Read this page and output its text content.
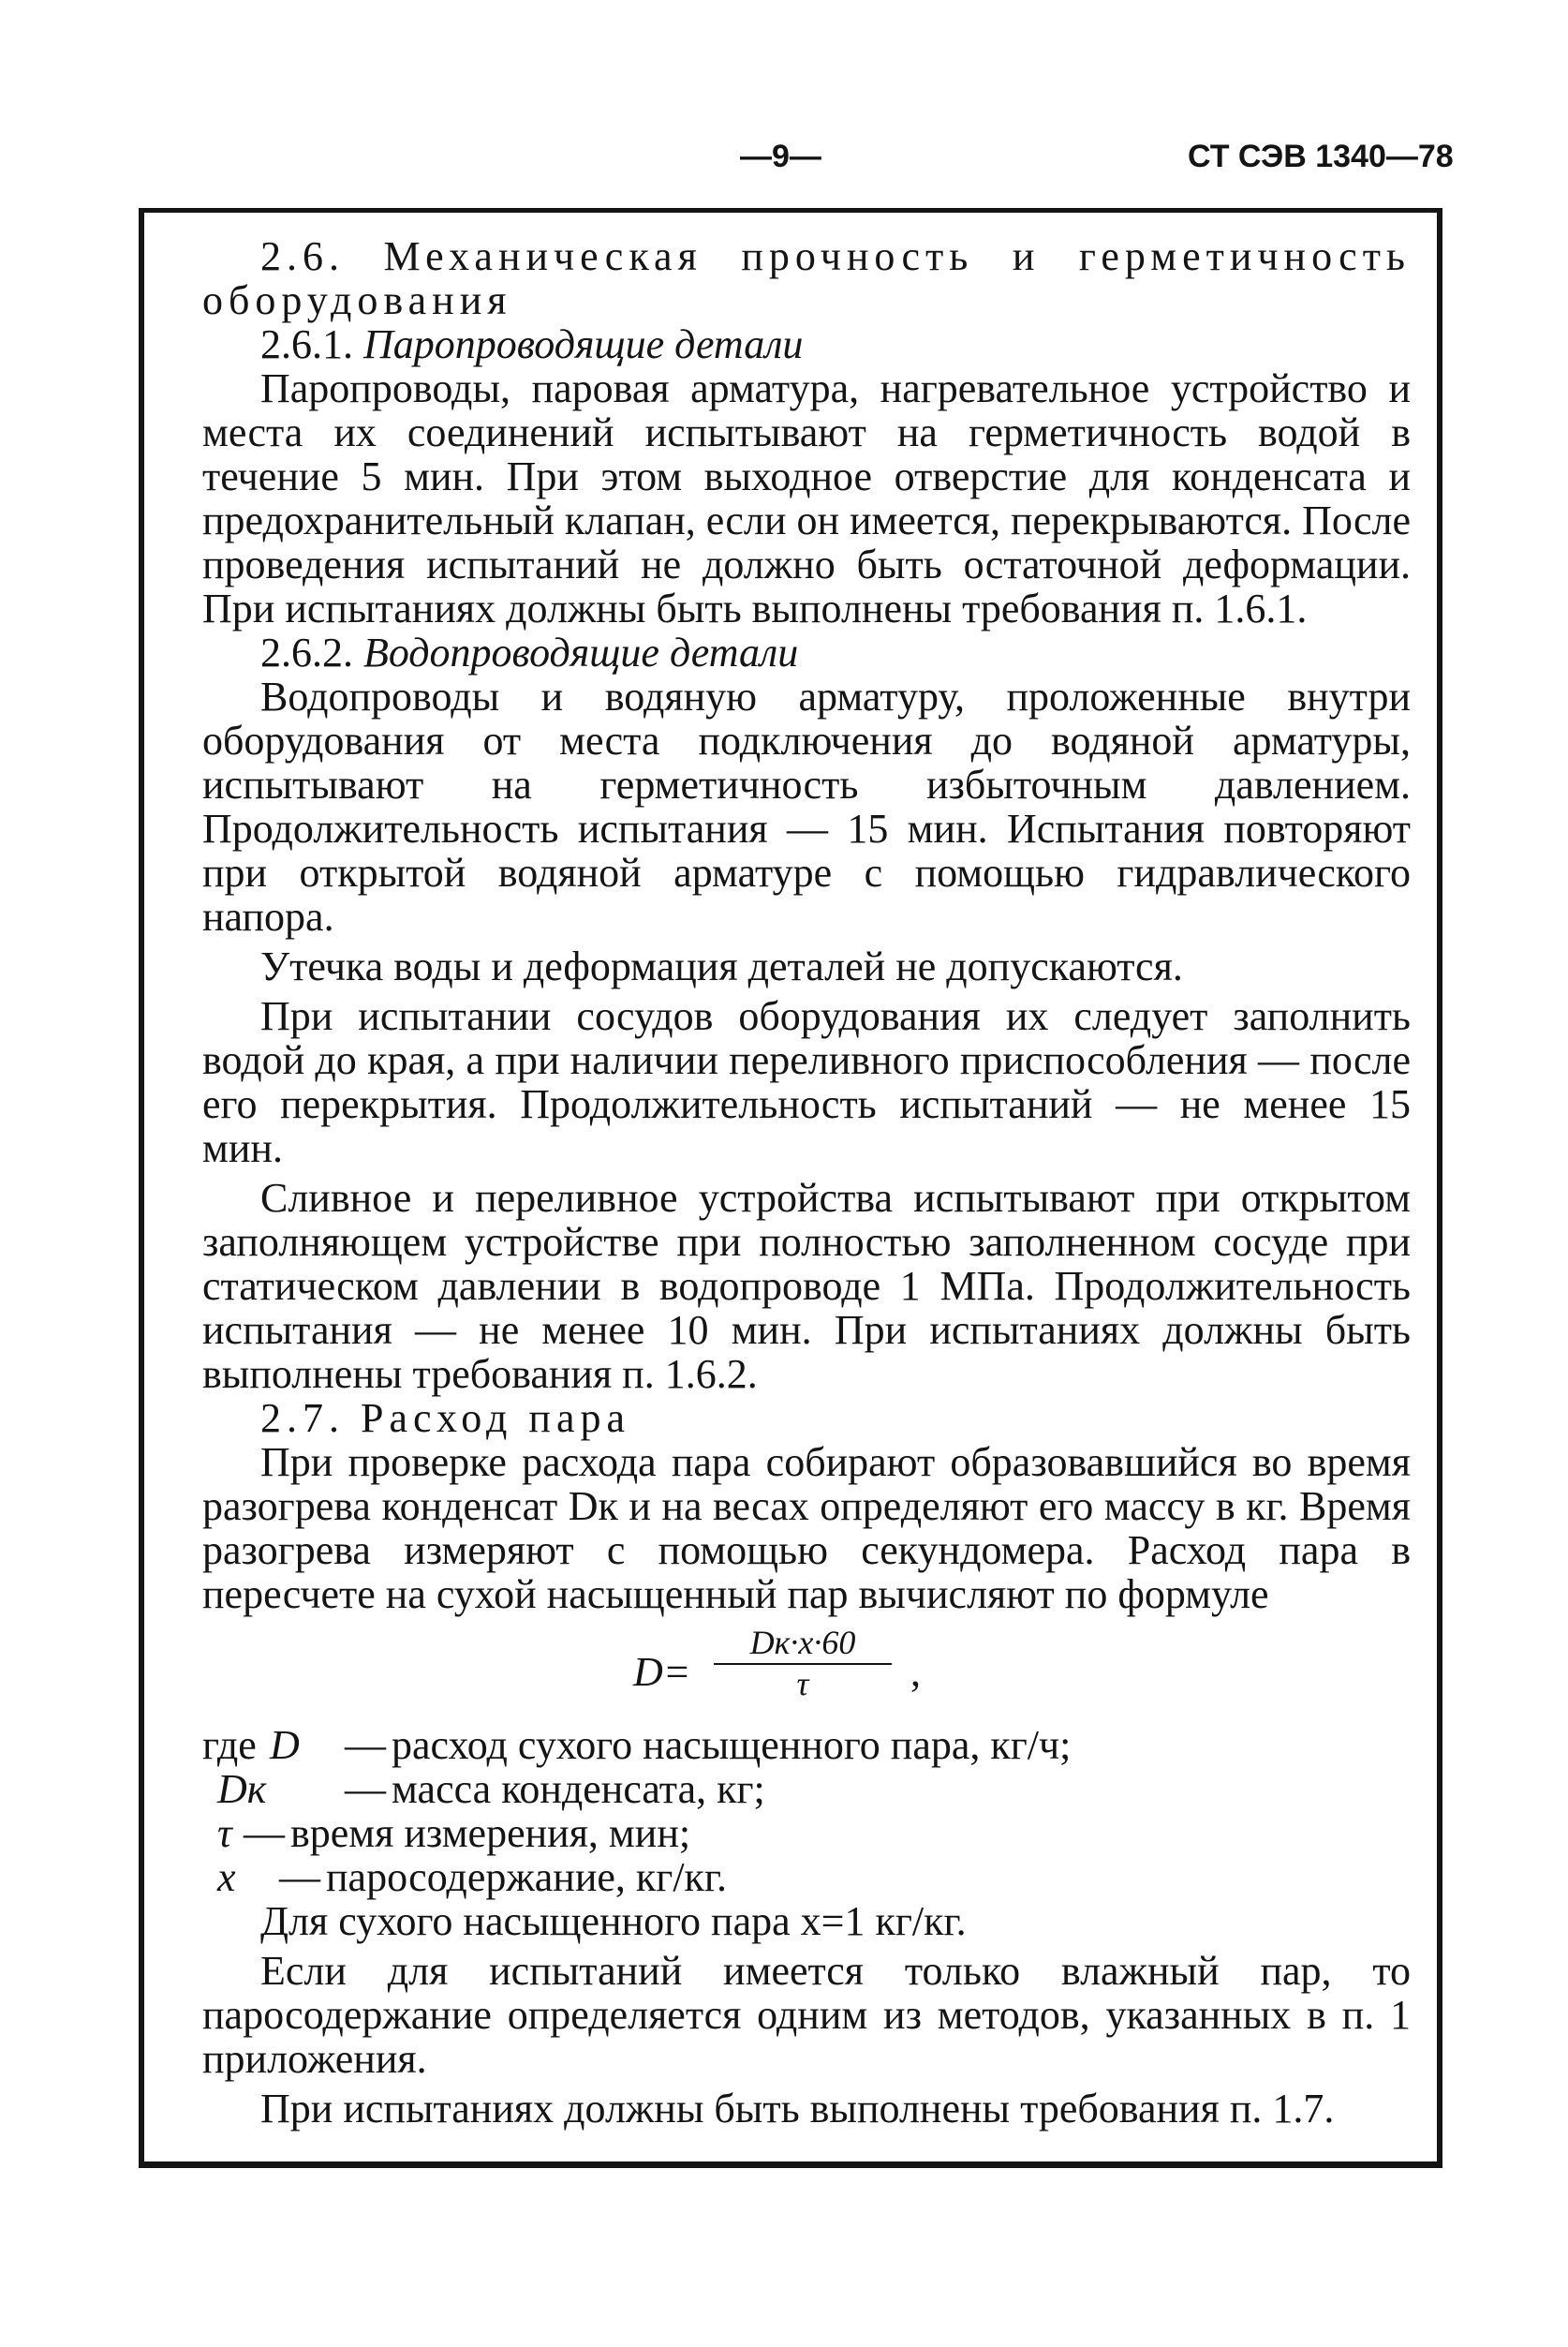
—9—	СТ СЭВ 1340—78

2.6. Механическая прочность и герметичность оборудования

2.6.1. Паропроводящие детали

Паропроводы, паровая арматура, нагревательное устройство и места их соединений испытывают на герметичность водой в течение 5 мин. При этом выходное отверстие для конденсата и предохранительный клапан, если он имеется, перекрываются. После проведения испытаний не должно быть остаточной деформации. При испытаниях должны быть выполнены требования п. 1.6.1.

2.6.2. Водопроводящие детали

Водопроводы и водяную арматуру, проложенные внутри оборудования от места подключения до водяной арматуры, испытывают на герметичность избыточным давлением. Продолжительность испытания — 15 мин. Испытания повторяют при открытой водяной арматуре с помощью гидравлического напора.

Утечка воды и деформация деталей не допускаются.

При испытании сосудов оборудования их следует заполнить водой до края, а при наличии переливного приспособления — после его перекрытия. Продолжительность испытаний — не менее 15 мин.

Сливное и переливное устройства испытывают при открытом заполняющем устройстве при полностью заполненном сосуде при статическом давлении в водопроводе 1 МПа. Продолжительность испытания — не менее 10 мин. При испытаниях должны быть выполнены требования п. 1.6.2.

2.7. Расход пара

При проверке расхода пара собирают образовавшийся во время разогрева конденсат Dк и на весах определяют его массу в кг. Время разогрева измеряют с помощью секундомера. Расход пара в пересчете на сухой насыщенный пар вычисляют по формуле

D=
Dк·x·60
τ	,
где D	— расход сухого насыщенного пара, кг/ч;
Dк	— масса конденсата, кг;
τ — время измерения, мин;
x	— паросодержание, кг/кг.

Для сухого насыщенного пара x=1 кг/кг.

Если для испытаний имеется только влажный пар, то паросодержание определяется одним из методов, указанных в п. 1 приложения.

При испытаниях должны быть выполнены требования п. 1.7.
